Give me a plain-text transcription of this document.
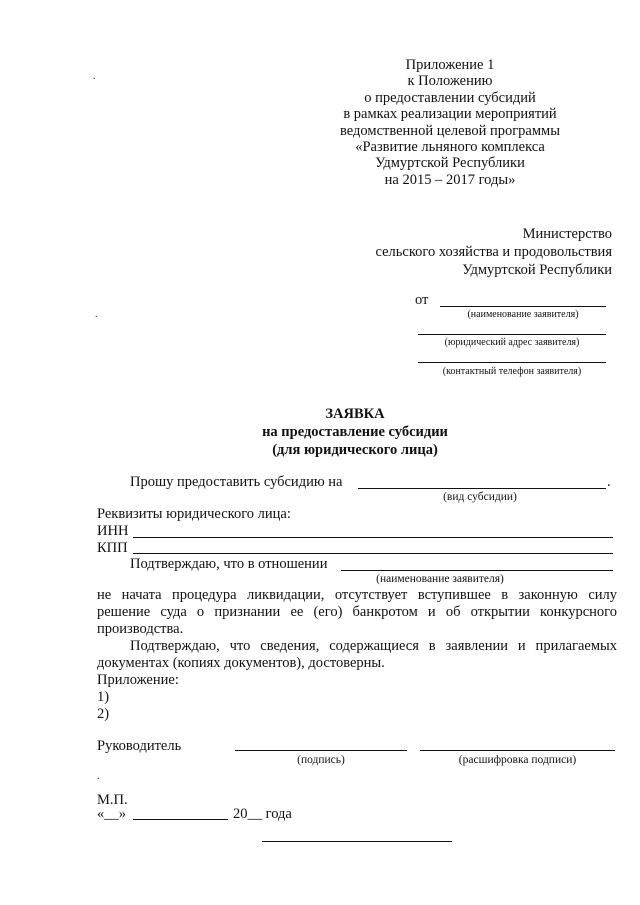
.
.
.
Приложение 1
к Положению
о предоставлении субсидий
в рамках реализации мероприятий
ведомственной целевой программы
«Развитие льняного комплекса
Удмуртской Республики
на 2015 – 2017 годы»
Министерство
сельского хозяйства и продовольствия
Удмуртской Республики
от
(наименование заявителя)
(юридический адрес заявителя)
(контактный телефон заявителя)
ЗАЯВКА
на предоставление субсидии
(для юридического лица)
Прошу предоставить субсидию на	.
(вид субсидии)
Реквизиты юридического лица:
ИНН
КПП
Подтверждаю, что в отношении
(наименование заявителя)
не начата процедура ликвидации, отсутствует вступившее в законную силу решение суда о признании ее (его) банкротом и об открытии конкурсного производства.
Подтверждаю, что сведения, содержащиеся в заявлении и прилагаемых документах (копиях документов), достоверны.
Приложение:
1)
2)
Руководитель
(подпись)	(расшифровка подписи)
М.П.
«__»	20__ года
